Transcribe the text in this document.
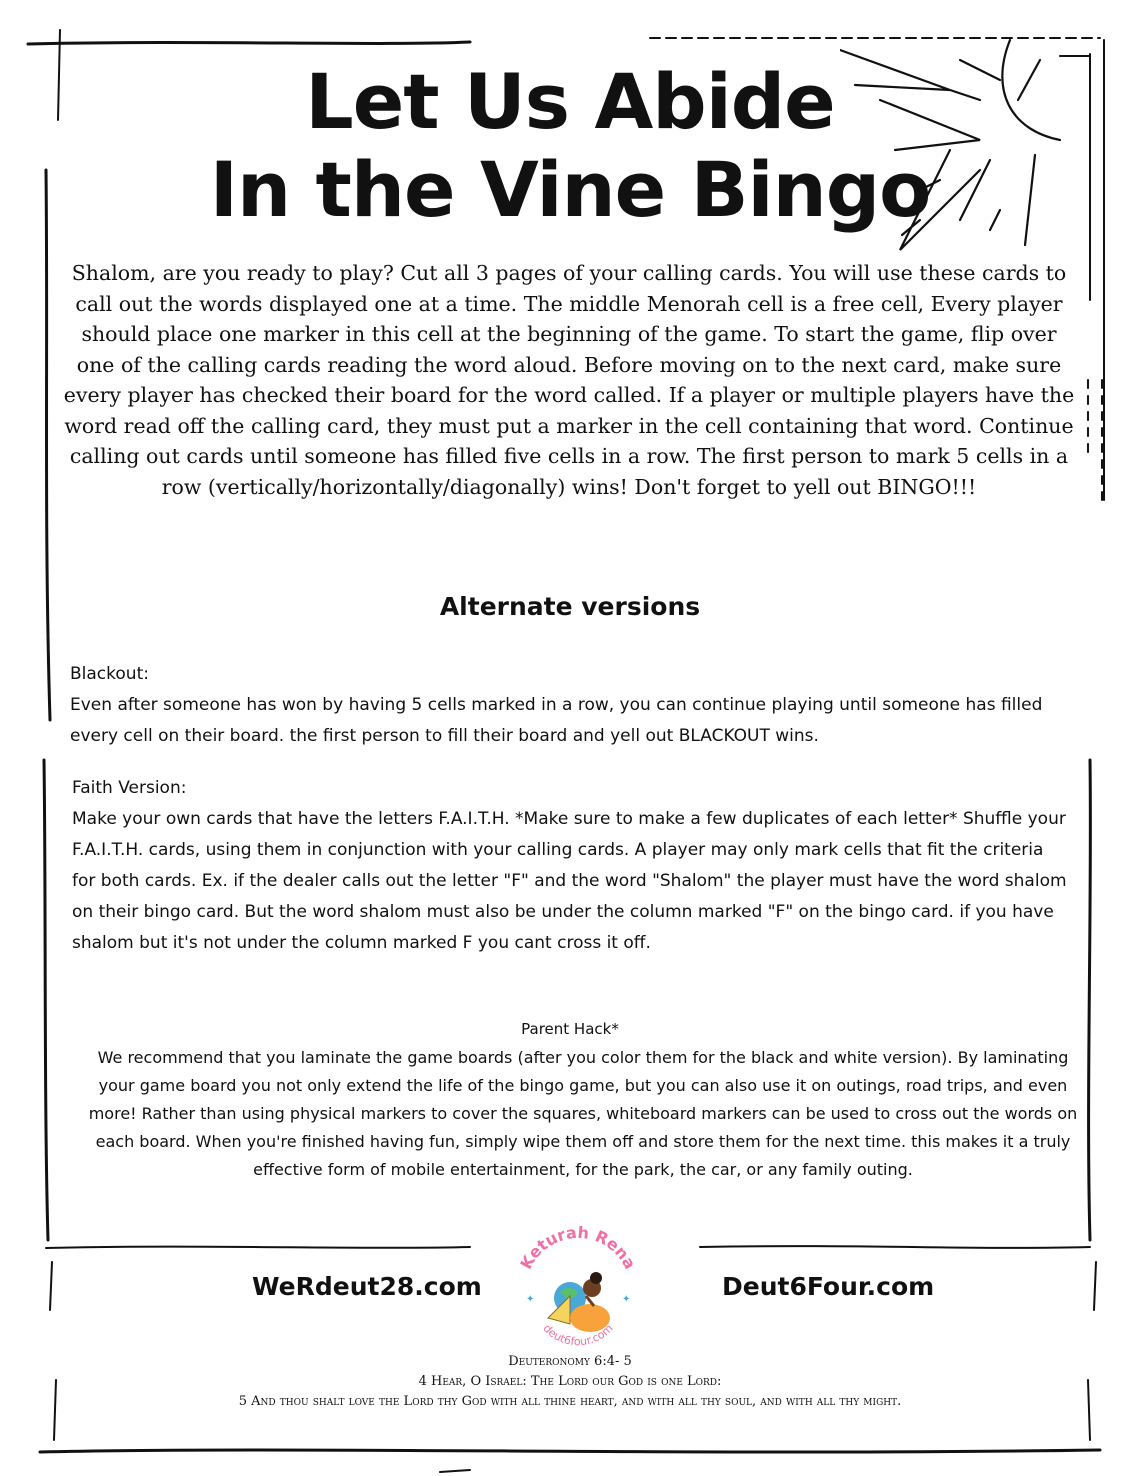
Let Us Abide
In the Vine Bingo
Shalom, are you ready to play? Cut all 3 pages of your calling cards. You will use these cards to call out the words displayed one at a time. The middle Menorah cell is a free cell, Every player should place one marker in this cell at the beginning of the game. To start the game, flip over one of the calling cards reading the word aloud. Before moving on to the next card, make sure every player has checked their board for the word called. If a player or multiple players have the word read off the calling card, they must put a marker in the cell containing that word. Continue calling out cards until someone has filled five cells in a row. The first person to mark 5 cells in a row (vertically/horizontally/diagonally) wins! Don't forget to yell out BINGO!!!
Alternate versions
Blackout:
Even after someone has won by having 5 cells marked in a row, you can continue playing until someone has filled every cell on their board. the first person to fill their board and yell out BLACKOUT wins.
Faith Version:
Make your own cards that have the letters F.A.I.T.H. *Make sure to make a few duplicates of each letter* Shuffle your F.A.I.T.H. cards, using them in conjunction with your calling cards. A player may only mark cells that fit the criteria for both cards. Ex. if the dealer calls out the letter "F" and the word "Shalom" the player must have the word shalom on their bingo card. But the word shalom must also be under the column marked "F" on the bingo card. if you have shalom but it's not under the column marked F you cant cross it off.
Parent Hack*
We recommend that you laminate the game boards (after you color them for the black and white version). By laminating your game board you not only extend the life of the bingo game, but you can also use it on outings, road trips, and even more! Rather than using physical markers to cover the squares, whiteboard markers can be used to cross out the words on each board. When you're finished having fun, simply wipe them off and store them for the next time. this makes it a truly effective form of mobile entertainment, for the park, the car, or any family outing.
WeRdeut28.com	Deut6Four.com
Keturah Rena
deut6four.com
✦	✦
Deuteronomy 6:4- 5
4 Hear, O Israel: The Lord our God is one Lord:
5 And thou shalt love the Lord thy God with all thine heart, and with all thy soul, and with all thy might.
